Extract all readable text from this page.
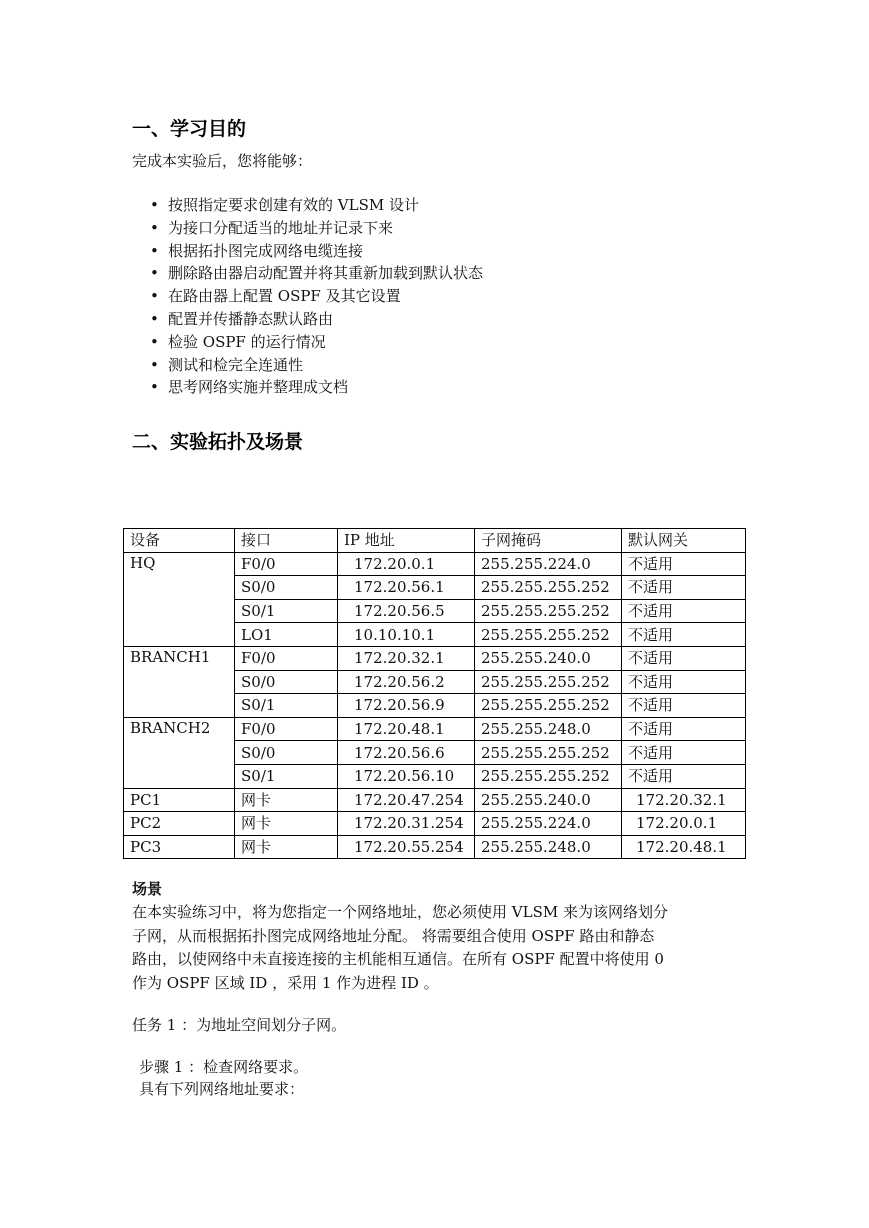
一、学习目的
完成本实验后，您将能够：
• 按照指定要求创建有效的 VLSM 设计
• 为接口分配适当的地址并记录下来
• 根据拓扑图完成网络电缆连接
• 删除路由器启动配置并将其重新加载到默认状态
• 在路由器上配置 OSPF 及其它设置
• 配置并传播静态默认路由
• 检验 OSPF 的运行情况
• 测试和检完全连通性
• 思考网络实施并整理成文档
二、实验拓扑及场景
设备	接口	IP 地址	子网掩码	默认网关
HQ	F0/0	172.20.0.1	255.255.224.0	不适用
	S0/0	172.20.56.1	255.255.255.252	不适用
	S0/1	172.20.56.5	255.255.255.252	不适用
	LO1	10.10.10.1	255.255.255.252	不适用
BRANCH1	F0/0	172.20.32.1	255.255.240.0	不适用
	S0/0	172.20.56.2	255.255.255.252	不适用
	S0/1	172.20.56.9	255.255.255.252	不适用
BRANCH2	F0/0	172.20.48.1	255.255.248.0	不适用
	S0/0	172.20.56.6	255.255.255.252	不适用
	S0/1	172.20.56.10	255.255.255.252	不适用
PC1	网卡	172.20.47.254	255.255.240.0	172.20.32.1
PC2	网卡	172.20.31.254	255.255.224.0	172.20.0.1
PC3	网卡	172.20.55.254	255.255.248.0	172.20.48.1
场景
在本实验练习中，将为您指定一个网络地址，您必须使用 VLSM 来为该网络划分
子网，从而根据拓扑图完成网络地址分配。 将需要组合使用 OSPF 路由和静态
路由，以使网络中未直接连接的主机能相互通信。在所有 OSPF 配置中将使用 0
作为 OSPF 区域 ID ，采用 1 作为进程 ID 。
任务 1 ：为地址空间划分子网。
步骤 1 ：检查网络要求。
具有下列网络地址要求：
